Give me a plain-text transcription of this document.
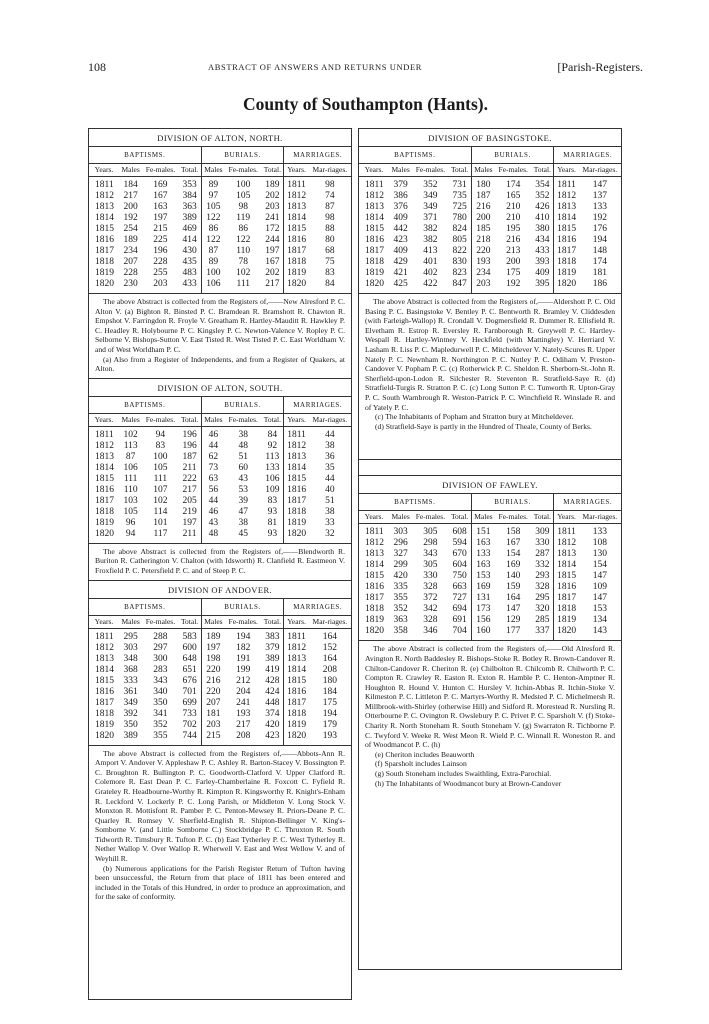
108	ABSTRACT OF ANSWERS AND RETURNS UNDER	[Parish-Registers.
County of Southampton (Hants).
DIVISION OF ALTON, NORTH.
BAPTISMS.				BURIALS.			MARRIAGES.	
Years.	Males	Fe-males.	Total.	Males	Fe-males.	Total.	Years.	Mar-riages.
1811	184	169	353	89	100	189	1811	98
1812	217	167	384	97	105	202	1812	74
1813	200	163	363	105	98	203	1813	87
1814	192	197	389	122	119	241	1814	98
1815	254	215	469	86	86	172	1815	88
1816	189	225	414	122	122	244	1816	80
1817	234	196	430	87	110	197	1817	68
1818	207	228	435	89	78	167	1818	75
1819	228	255	483	100	102	202	1819	83
1820	230	203	433	106	111	217	1820	84

The above Abstract is collected from the Registers of,——New Alresford P. C. Alton V. (a) Bighton R. Binsted P. C. Bramdean R. Bramshott R. Chawton R. Empshot V. Farringdon R. Froyle V. Greatham R. Hartley-Mauditt R. Hawkley P. C. Headley R. Holybourne P. C. Kingsley P. C. Newton-Valence V. Ropley P. C. Selborne V. Bishops-Sutton V. East Tisted R. West Tisted P. C. East Worldham V. and of West Worldham P. C.

(a) Also from a Register of Independents, and from a Register of Quakers, at Alton.

DIVISION OF ALTON, SOUTH.
BAPTISMS.				BURIALS.			MARRIAGES.	
Years.	Males	Fe-males.	Total.	Males	Fe-males.	Total.	Years.	Mar-riages.
1811	102	94	196	46	38	84	1811	44
1812	113	83	196	44	48	92	1812	38
1813	87	100	187	62	51	113	1813	36
1814	106	105	211	73	60	133	1814	35
1815	111	111	222	63	43	106	1815	44
1816	110	107	217	56	53	109	1816	40
1817	103	102	205	44	39	83	1817	51
1818	105	114	219	46	47	93	1818	38
1819	96	101	197	43	38	81	1819	33
1820	94	117	211	48	45	93	1820	32

The above Abstract is collected from the Registers of,——Blendworth R. Buriton R. Catherington V. Chalton (with Idsworth) R. Clanfield R. Eastmeon V. Froxfield P. C. Petersfield P. C. and of Steep P. C.

DIVISION OF ANDOVER.
BAPTISMS.				BURIALS.			MARRIAGES.	
Years.	Males	Fe-males.	Total.	Males	Fe-males.	Total.	Years.	Mar-riages.
1811	295	288	583	189	194	383	1811	164
1812	303	297	600	197	182	379	1812	152
1813	348	300	648	198	191	389	1813	164
1814	368	283	651	220	199	419	1814	208
1815	333	343	676	216	212	428	1815	180
1816	361	340	701	220	204	424	1816	184
1817	349	350	699	207	241	448	1817	175
1818	392	341	733	181	193	374	1818	194
1819	350	352	702	203	217	420	1819	179
1820	389	355	744	215	208	423	1820	193

The above Abstract is collected from the Registers of,——Abbots-Ann R. Amport V. Andover V. Appleshaw P. C. Ashley R. Barton-Stacey V. Bossington P. C. Broughton R. Bullington P. C. Goodworth-Clatford V. Upper Clatford R. Colemore R. East Dean P. C. Farley-Chamberlaine R. Foxcott C. Fyfield R. Grateley R. Headbourne-Worthy R. Kimpton R. Kingsworthy R. Knight's-Enham R. Leckford V. Lockerly P. C. Long Parish, or Middleton V. Long Stock V. Monxton R. Mottisfont R. Pamber P. C. Penton-Mewsey R. Priors-Deane P. C. Quarley R. Romsey V. Sherfield-English R. Shipton-Bellinger V. King's-Somborne V. (and Little Somborne C.) Stockbridge P. C. Thruxton R. South Tidworth R. Timsbury R. Tufton P. C. (b) East Tytherley P. C. West Tytherley R. Nether Wallop V. Over Wallop R. Wherwell V. East and West Wellow V. and of Weyhill R.

(b) Numerous applications for the Parish Register Return of Tufton having been unsuccessful, the Return from that place of 1811 has been entered and included in the Totals of this Hundred, in order to produce an approximation, and for the sake of conformity.

DIVISION OF BASINGSTOKE.
BAPTISMS.				BURIALS.			MARRIAGES.	
Years.	Males	Fe-males.	Total.	Males	Fe-males.	Total.	Years.	Mar-riages.
1811	379	352	731	180	174	354	1811	147
1812	386	349	735	187	165	352	1812	137
1813	376	349	725	216	210	426	1813	133
1814	409	371	780	200	210	410	1814	192
1815	442	382	824	185	195	380	1815	176
1816	423	382	805	218	216	434	1816	194
1817	409	413	822	220	213	433	1817	148
1818	429	401	830	193	200	393	1818	174
1819	421	402	823	234	175	409	1819	181
1820	425	422	847	203	192	395	1820	186

The above Abstract is collected from the Registers of,——Aldershott P. C. Old Basing P. C. Basingstoke V. Bentley P. C. Bentworth R. Bramley V. Cliddesden (with Farleigh-Wallop) R. Crondall V. Dogmersfield R. Dummer R. Ellisfield R. Elvetham R. Estrop R. Eversley R. Farnborough R. Greywell P. C. Hartley-Wespall R. Hartley-Wintney V. Heckfield (with Mattingley) V. Herriard V. Lasham R. Liss P. C. Mapledurwell P. C. Mitcheldever V. Nately-Scures R. Upper Nately P. C. Newnham R. Northington P. C. Nutley P. C. Odiham V. Preston-Candover V. Popham P. C. (c) Rotherwick P. C. Sheldon R. Sherborn-St.-John R. Sherfield-upon-Lodon R. Silchester R. Steventon R. Stratfield-Saye R. (d) Stratfield-Turgis R. Stratton P. C. (c) Long Sutton P. C. Tunworth R. Upton-Gray P. C. South Warnbrough R. Weston-Patrick P. C. Winchfield R. Winslade R. and of Yately P. C.

(c) The Inhabitants of Popham and Stratton bury at Mitcheldever.

(d) Stratfield-Saye is partly in the Hundred of Theale, County of Berks.

DIVISION OF FAWLEY.
BAPTISMS.				BURIALS.			MARRIAGES.	
Years.	Males	Fe-males.	Total.	Males	Fe-males.	Total.	Years.	Mar-riages.
1811	303	305	608	151	158	309	1811	133
1812	296	298	594	163	167	330	1812	108
1813	327	343	670	133	154	287	1813	130
1814	299	305	604	163	169	332	1814	154
1815	420	330	750	153	140	293	1815	147
1816	335	328	663	169	159	328	1816	109
1817	355	372	727	131	164	295	1817	147
1818	352	342	694	173	147	320	1818	153
1819	363	328	691	156	129	285	1819	134
1820	358	346	704	160	177	337	1820	143

The above Abstract is collected from the Registers of,——Old Alresford R. Avington R. North Baddesley R. Bishops-Stoke R. Botley R. Brown-Candover R. Chilton-Candover R. Cheriton R. (e) Chilbolton R. Chilcomb R. Chilworth P. C. Compton R. Crawley R. Easton R. Exton R. Hamble P. C. Henton-Amptner R. Houghton R. Hound V. Hunton C. Hursley V. Itchin-Abbas R. Itchin-Stoke V. Kilmeston P. C. Littleton P. C. Martyrs-Worthy R. Medsted P. C. Michelmersh R. Millbrook-with-Shirley (otherwise Hill) and Sidford R. Morestead R. Nursling R. Otterbourne P. C. Ovington R. Owslebury P. C. Privet P. C. Sparsholt V. (f) Stoke-Charity R. North Stoneham R. South Stoneham V. (g) Swarraton R. Tichborne P. C. Twyford V. Weeke R. West Meon R. Wield P. C. Winnall R. Woneston R. and of Woodmancot P. C. (h)

(e) Cheriton includes Beauworth

(f) Sparsholt includes Lainson

(g) South Stoneham includes Swaithling, Extra-Parochial.

(h) The Inhabitants of Woodmancot bury at Brown-Candover
